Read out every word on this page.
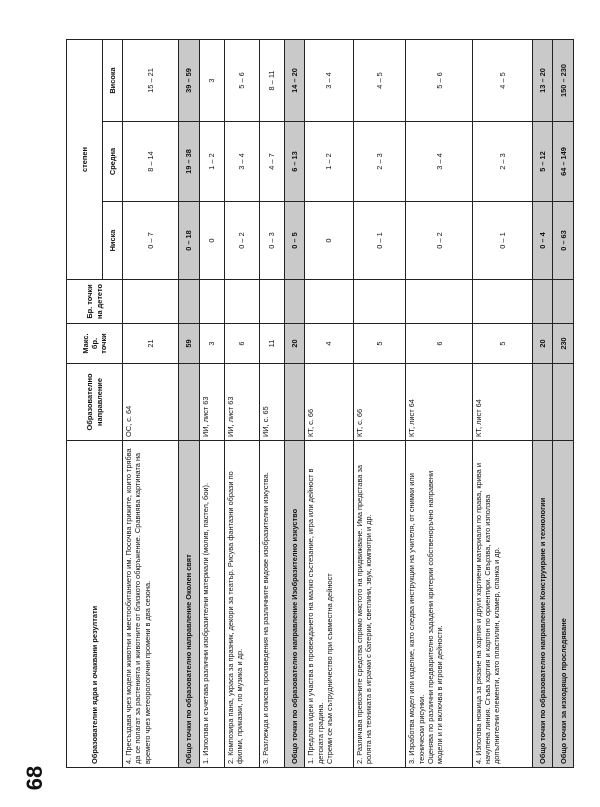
68
Образователни ядра и очаквани резултати	Образователно направление	Макс. бр. точки	Бр. точки на детето	степен		
				Ниска	Средна	Висока
4. Пресъздава чрез модели животни и местообитанието им. Посочва грижите, които трябва да се полагат за растенията и животните от близкото обкръжение. Сравнява картината на времето чрез метеорологични промени в два сезона.	ОС, с. 64	21		0 – 7	8 – 14	15 – 21
Общо точки по образователно направление Околен свят		59		0 – 18	19 – 38	39 – 59
1. Използва и съчетава различни изобразителни материали (молив, пастел, бои).	ИИ, лист 63	3		0	1 – 2	3
2. Композира пана, украса за празник, декори за театър. Рисува фантазни образи по филми, приказки, по музика и др.	ИИ, лист 63	6		0 – 2	3 – 4	5 – 6
3. Разглежда и описва произведения на различните видове изобразителни изкуства.	ИИ, с. 65	11		0 – 3	4 – 7	8 – 11
Общо точки по образователно направление Изобразително изкуство		20		0 – 5	6 – 13	14 – 20

1. Предлага идеи и участва в провеждането на малко състезание, игра или дейност в детската градина. Стреми се към сътрудничество при съвместна дейност	КТ, с. 66	4		0	1 – 2	3 – 4
2. Различава превозните средства спрямо мястото на придвижване. Има представа за ролята на техниката в играчки с батерии, светлини, звук, компютри и др.	КТ, с. 66	5		0 – 1	2 – 3	4 – 5

3. Изработва модел или изделие, като следва инструкции на учителя, от снимки или технически рисунки. Оценява по различни предварително зададени критерии собственоръчно направени модели и ги включва в игрови дейности.	КТ, лист 64	6		0 – 2	3 – 4	5 – 6
4. Използва ножица за рязане на хартия и други хартиени материали по права, крива и начупена линия. Сгъва хартия и картон по ориентири. Свързва, като използва допълнителни елементи, като пластилин, кламер, спанка и др.	КТ, лист 64	5		0 – 1	2 – 3	4 – 5
Общо точки по образователно направление Конструиране и технологии		20		0 – 4	5 – 12	13 – 20
Общо точки за изходящо проследяване		230		0 – 63	64 – 149	150 – 230
